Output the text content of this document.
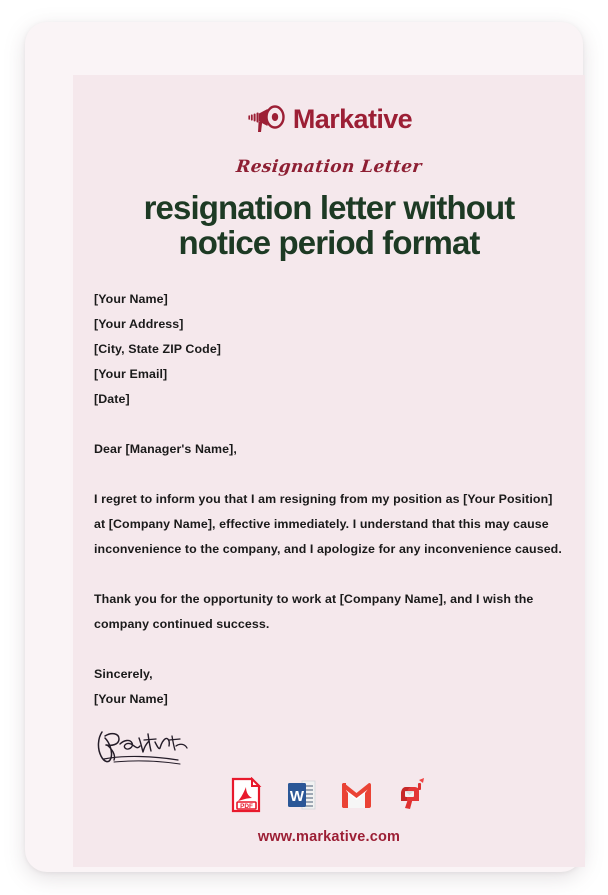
Markative
Resignation Letter
resignation letter without notice period format
[Your Name]
[Your Address]
[City, State ZIP Code]
[Your Email]
[Date]
Dear [Manager's Name],

I regret to inform you that I am resigning from my position as [Your Position] at [Company Name], effective immediately. I understand that this may cause inconvenience to the company, and I apologize for any inconvenience caused.

Thank you for the opportunity to work at [Company Name], and I wish the company continued success.

Sincerely,
[Your Name]
PDF
W
www.markative.com
